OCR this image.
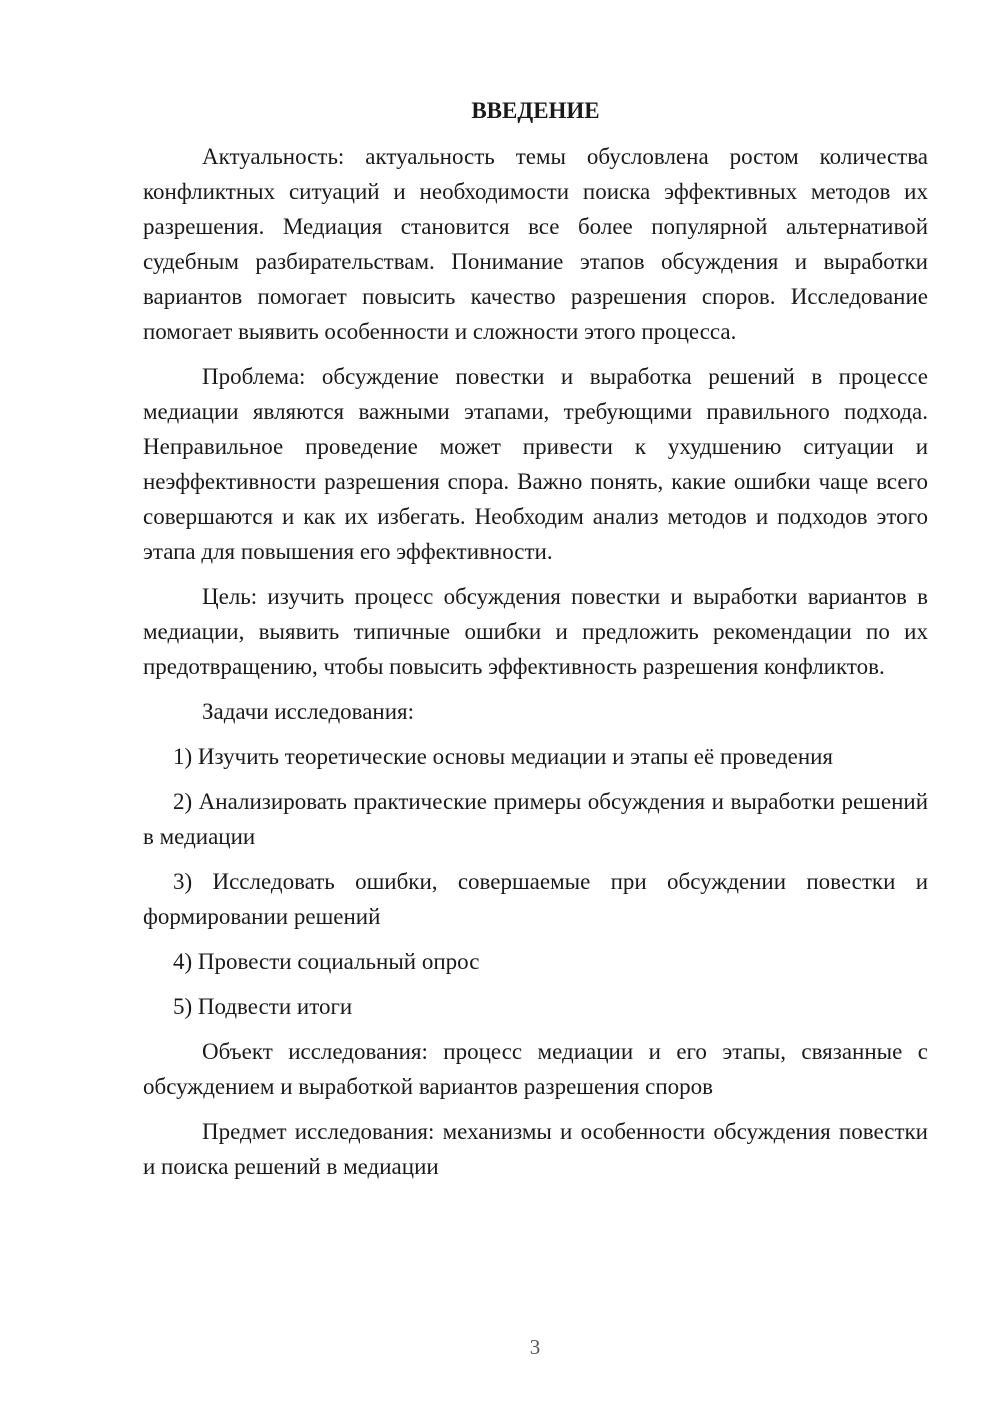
ВВЕДЕНИЕ

Актуальность: актуальность темы обусловлена ростом количества конфликтных ситуаций и необходимости поиска эффективных методов их разрешения. Медиация становится все более популярной альтернативой судебным разбирательствам. Понимание этапов обсуждения и выработки вариантов помогает повысить качество разрешения споров. Исследование помогает выявить особенности и сложности этого процесса.

Проблема: обсуждение повестки и выработка решений в процессе медиации являются важными этапами, требующими правильного подхода. Неправильное проведение может привести к ухудшению ситуации и неэффективности разрешения спора. Важно понять, какие ошибки чаще всего совершаются и как их избегать. Необходим анализ методов и подходов этого этапа для повышения его эффективности.

Цель: изучить процесс обсуждения повестки и выработки вариантов в медиации, выявить типичные ошибки и предложить рекомендации по их предотвращению, чтобы повысить эффективность разрешения конфликтов.

Задачи исследования:

1) Изучить теоретические основы медиации и этапы её проведения

2) Анализировать практические примеры обсуждения и выработки решений в медиации

3) Исследовать ошибки, совершаемые при обсуждении повестки и формировании решений

4) Провести социальный опрос

5) Подвести итоги

Объект исследования: процесс медиации и его этапы, связанные с обсуждением и выработкой вариантов разрешения споров

Предмет исследования: механизмы и особенности обсуждения повестки и поиска решений в медиации

3
